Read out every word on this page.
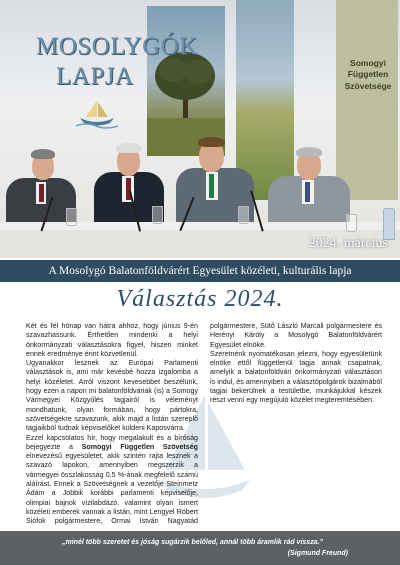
Somogyi
Független
Szövetsége
MOSOLYGÓK
LAPJA
2024. március
A Mosolygó Balatonföldvárért Egyesület közéleti, kulturális lapja
Választás 2024.

Két és fél hónap van hátra ahhoz, hogy június 9-én szavazhassunk. Érthetően mindenki a helyi önkormányzati választásokra figyel, hiszen minket ennek eredménye érint közvetlenül.

Ugyanakkor lesznek az Európai Parlamenti választások is, ami már kevésbé hozza izgalomba a helyi közéletet. Arról viszont kevesebbet beszélünk, hogy ezen a napon mi balatonföldváriak (is) a Somogy Vármegyei Közgyűlés tagjairól is véleményt mondhatunk, olyan formában, hogy pártokra, szövetségekre szavazunk, akik majd a listán szereplő tagjaikból tudnak képviselőket küldeni Kaposvárra.

Ezzel kapcsolatos hír, hogy megalakult és a bíróság bejegyezte a Somogyi Független Szövetség elnevezésű egyesületet, akik szintén rajta lesznek a szavazó lapokon, amennyiben megszerzik a vármegyei összlakosság 0,5 %-ának megfelelő számú aláírást. Ennek a Szövetségnek a vezetője Steinmetz Ádám a Jobbik korábbi parlamenti képviselője, olimpiai bajnok vízilabdázó, valamint olyan ismert közéleti emberek vannak a listán, mint Lengyel Róbert Siófok polgármestere, Ormai István Nagyatád polgármestere, Sütő László Marcali polgármestere és Herényi Károly a Mosolygó Balatonföldvárért Egyesület elnöke.

Szeretnénk nyomatékosan jelezni, hogy egyesületünk elnöke ettől függetlenül tagja annak csapatnak, amelyik a balatonföldvári önkormányzati választáson is indul, és amennyiben a választópolgárok bizalmából tagjai bekerülnek a testületbe, munkájukkal készek részt venni egy megújuló közélet megteremtésében.

„minél több szeretet és jóság sugárzik belőled, annál több áramlik rád vissza.”
(Sigmund Freund)
